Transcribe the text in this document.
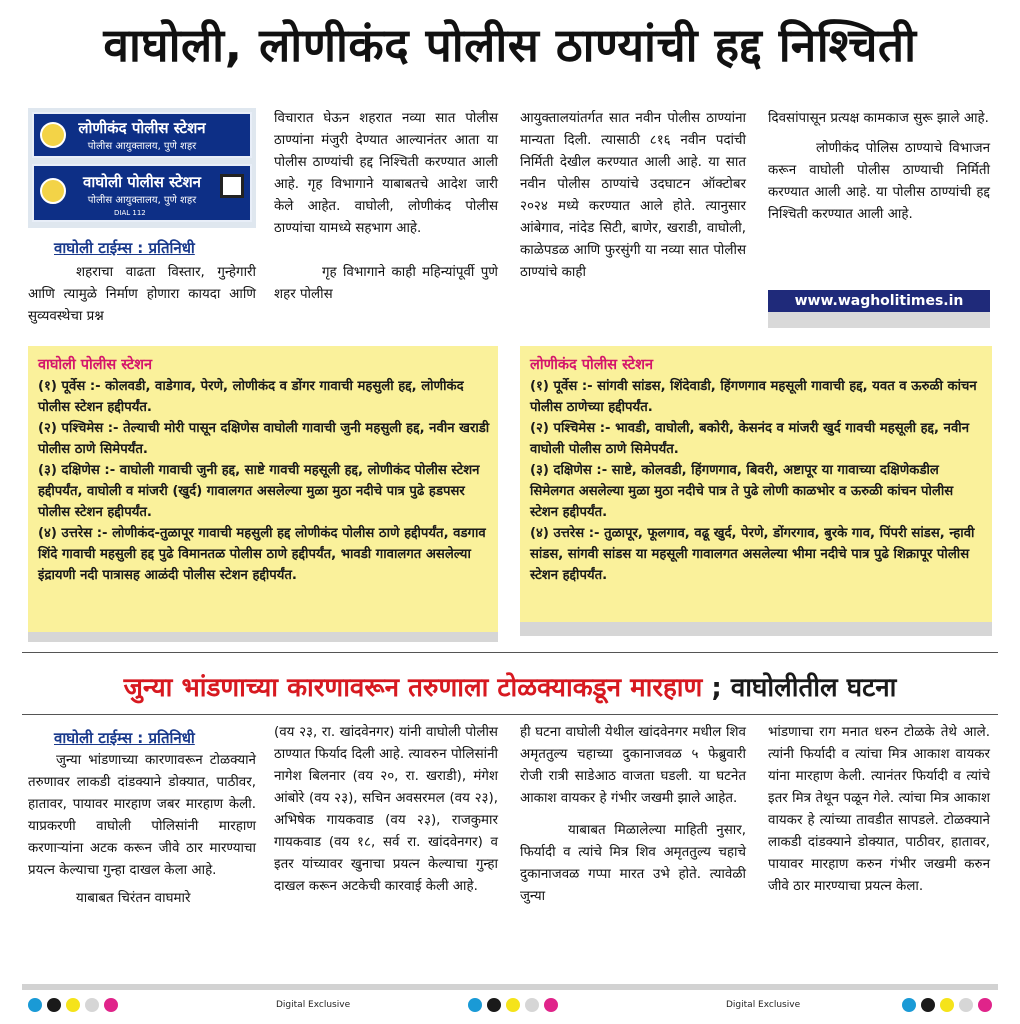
वाघोली, लोणीकंद पोलीस ठाण्यांची हद्द निश्चिती
लोणीकंद पोलीस स्टेशन
पोलीस आयुक्तालय, पुणे शहर
वाघोली पोलीस स्टेशन
पोलीस आयुक्तालय, पुणे शहर
DIAL 112
वाघोली टाईम्स : प्रतिनिधी

शहराचा वाढता विस्तार, गुन्हेगारी आणि त्यामुळे निर्माण होणारा कायदा आणि सुव्यवस्थेचा प्रश्न

विचारात घेऊन शहरात नव्या सात पोलीस ठाण्यांना मंजुरी देण्यात आल्यानंतर आता या पोलीस ठाण्यांची हद्द निश्चिती करण्यात आली आहे. गृह विभागाने याबाबतचे आदेश जारी केले आहेत. वाघोली, लोणीकंद पोलीस ठाण्यांचा यामध्ये सहभाग आहे.

गृह विभागाने काही महिन्यांपूर्वी पुणे शहर पोलीस

आयुक्तालयांतर्गत सात नवीन पोलीस ठाण्यांना मान्यता दिली. त्यासाठी ८१६ नवीन पदांची निर्मिती देखील करण्यात आली आहे. या सात नवीन पोलीस ठाण्यांचे उदघाटन ऑक्टोबर २०२४ मध्ये करण्यात आले होते. त्यानुसार आंबेगाव, नांदेड सिटी, बाणेर, खराडी, वाघोली, काळेपडळ आणि फुरसुंगी या नव्या सात पोलीस ठाण्यांचे काही

दिवसांपासून प्रत्यक्ष कामकाज सुरू झाले आहे.

लोणीकंद पोलिस ठाण्याचे विभाजन करून वाघोली पोलीस ठाण्याची निर्मिती करण्यात आली आहे. या पोलीस ठाण्यांची हद्द निश्चिती करण्यात आली आहे.

www.wagholitimes.in
वाघोली पोलीस स्टेशन

(१) पूर्वेस :- कोलवडी, वाडेगाव, पेरणे, लोणीकंद व डोंगर गावाची महसुली हद्द, लोणीकंद पोलीस स्टेशन हद्दीपर्यंत.

(२) पश्चिमेस :- तेल्याची मोरी पासून दक्षिणेस वाघोली गावाची जुनी महसुली हद्द, नवीन खराडी पोलीस ठाणे सिमेपर्यंत.

(३) दक्षिणेस :- वाघोली गावाची जुनी हद्द, साष्टे गावची महसूली हद्द, लोणीकंद पोलीस स्टेशन हद्दीपर्यंत, वाघोली व मांजरी (खुर्द) गावालगत असलेल्या मुळा मुठा नदीचे पात्र पुढे हडपसर पोलीस स्टेशन हद्दीपर्यंत.

(४) उत्तरेस :- लोणीकंद-तुळापूर गावाची महसुली हद्द लोणीकंद पोलीस ठाणे हद्दीपर्यंत, वडगाव शिंदे गावाची महसुली हद्द पुढे विमानतळ पोलीस ठाणे हद्दीपर्यंत, भावडी गावालगत असलेल्या इंद्रायणी नदी पात्रासह आळंदी पोलीस स्टेशन हद्दीपर्यंत.

लोणीकंद पोलीस स्टेशन

(१) पूर्वेस :- सांगवी सांडस, शिंदेवाडी, हिंगणगाव महसूली गावाची हद्द, यवत व ऊरुळी कांचन पोलीस ठाणेच्या हद्दीपर्यंत.

(२) पश्चिमेस :- भावडी, वाघोली, बकोरी, केसनंद व मांजरी खुर्द गावची महसूली हद्द, नवीन वाघोली पोलीस ठाणे सिमेपर्यंत.

(३) दक्षिणेस :- साष्टे, कोलवडी, हिंगणगाव, बिवरी, अष्टापूर या गावाच्या दक्षिणेकडील सिमेलगत असलेल्या मुळा मुठा नदीचे पात्र ते पुढे लोणी काळभोर व ऊरुळी कांचन पोलीस स्टेशन हद्दीपर्यंत.

(४) उत्तरेस :- तुळापूर, फूलगाव, वढू खुर्द, पेरणे, डोंगरगाव, बुरके गाव, पिंपरी सांडस, न्हावी सांडस, सांगवी सांडस या महसूली गावालगत असलेल्या भीमा नदीचे पात्र पुढे शिक्रापूर पोलीस स्टेशन हद्दीपर्यंत.

जुन्या भांडणाच्या कारणावरून तरुणाला टोळक्याकडून मारहाण ; वाघोलीतील घटना
वाघोली टाईम्स : प्रतिनिधी

जुन्या भांडणाच्या कारणावरून टोळक्याने तरुणावर लाकडी दांडक्याने डोक्यात, पाठीवर, हातावर, पायावर मारहाण जबर मारहाण केली. याप्रकरणी वाघोली पोलिसांनी मारहाण करणाऱ्यांना अटक करून जीवे ठार मारण्याचा प्रयत्न केल्याचा गुन्हा दाखल केला आहे.

याबाबत चिरंतन वाघमारे

(वय २३, रा. खांदवेनगर) यांनी वाघोली पोलीस ठाण्यात फिर्याद दिली आहे. त्यावरुन पोलिसांनी नागेश बिलनार (वय २०, रा. खराडी), मंगेश आंबोरे (वय २३), सचिन अवसरमल (वय २३), अभिषेक गायकवाड (वय २३), राजकुमार गायकवाड (वय १८, सर्व रा. खांदवेनगर) व इतर यांच्यावर खुनाचा प्रयत्न केल्याचा गुन्हा दाखल करून अटकेची कारवाई केली आहे.

ही घटना वाघोली येथील खांदवेनगर मधील शिव अमृततुल्य चहाच्या दुकानाजवळ ५ फेब्रुवारी रोजी रात्री साडेआठ वाजता घडली. या घटनेत आकाश वायकर हे गंभीर जखमी झाले आहेत.

याबाबत मिळालेल्या माहिती नुसार, फिर्यादी व त्यांचे मित्र शिव अमृततुल्य चहाचे दुकानाजवळ गप्पा मारत उभे होते. त्यावेळी जुन्या

भांडणाचा राग मनात धरुन टोळके तेथे आले. त्यांनी फिर्यादी व त्यांचा मित्र आकाश वायकर यांना मारहाण केली. त्यानंतर फिर्यादी व त्यांचे इतर मित्र तेथून पळून गेले. त्यांचा मित्र आकाश वायकर हे त्यांच्या तावडीत सापडले. टोळक्याने लाकडी दांडक्याने डोक्यात, पाठीवर, हातावर, पायावर मारहाण करुन गंभीर जखमी करुन जीवे ठार मारण्याचा प्रयत्न केला.

Digital Exclusive	Digital Exclusive
